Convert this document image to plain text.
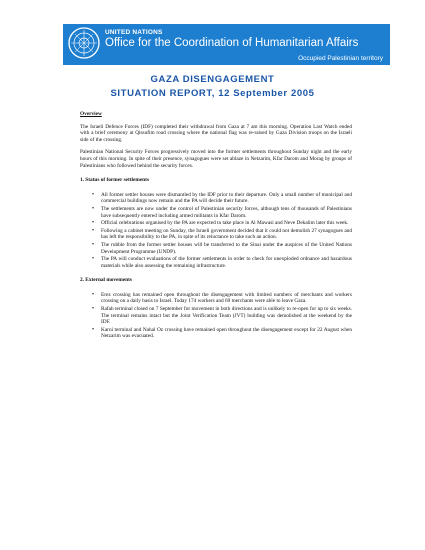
UNITED NATIONS
Office for the Coordination of Humanitarian Affairs
Occupied Palestinian territory
GAZA DISENGAGEMENT
SITUATION REPORT, 12 September 2005
Overview

The Israeli Defence Forces (IDF) completed their withdrawal from Gaza at 7 am this morning. Operation Last Watch ended with a brief ceremony at Qissufim road crossing where the national flag was re-raised by Gaza Division troops on the Israeli side of the crossing.

Palestinian National Security Forces progressively moved into the former settlements throughout Sunday night and the early hours of this morning. In spite of their presence, synagogues were set ablaze in Netzarim, Kfar Darom and Morag by groups of Palestinians who followed behind the security forces.

1. Status of former settlements
• All former settler houses were dismantled by the IDF prior to their departure. Only a small number of municipal and commercial buildings now remain and the PA will decide their future.
• The settlements are now under the control of Palestinian security forces, although tens of thousands of Palestinians have subsequently entered including armed militants in Kfar Darom.
• Official celebrations organised by the PA are expected to take place in Al Mawasi and Neve Dekalim later this week.
• Following a cabinet meeting on Sunday, the Israeli government decided that it could not demolish 27 synagogues and has left the responsibility to the PA, in spite of its reluctance to take such an action.
• The rubble from the former settler houses will be transferred to the Sinai under the auspices of the United Nations Development Programme (UNDP).
• The PA will conduct evaluations of the former settlements in order to check for unexploded ordnance and hazardous materials while also assessing the remaining infrastructure.
2. External movements
• Erez crossing has remained open throughout the disengagement with limited numbers of merchants and workers crossing on a daily basis to Israel. Today 174 workers and 69 merchants were able to leave Gaza.
• Rafah terminal closed on 7 September for movement in both directions and is unlikely to re-open for up to six weeks. The terminal remains intact but the Joint Verification Team (JVT) building was demolished at the weekend by the IDF.
• Karni terminal and Nahal Oz crossing have remained open throughout the disengagement except for 22 August when Netzarim was evacuated.
